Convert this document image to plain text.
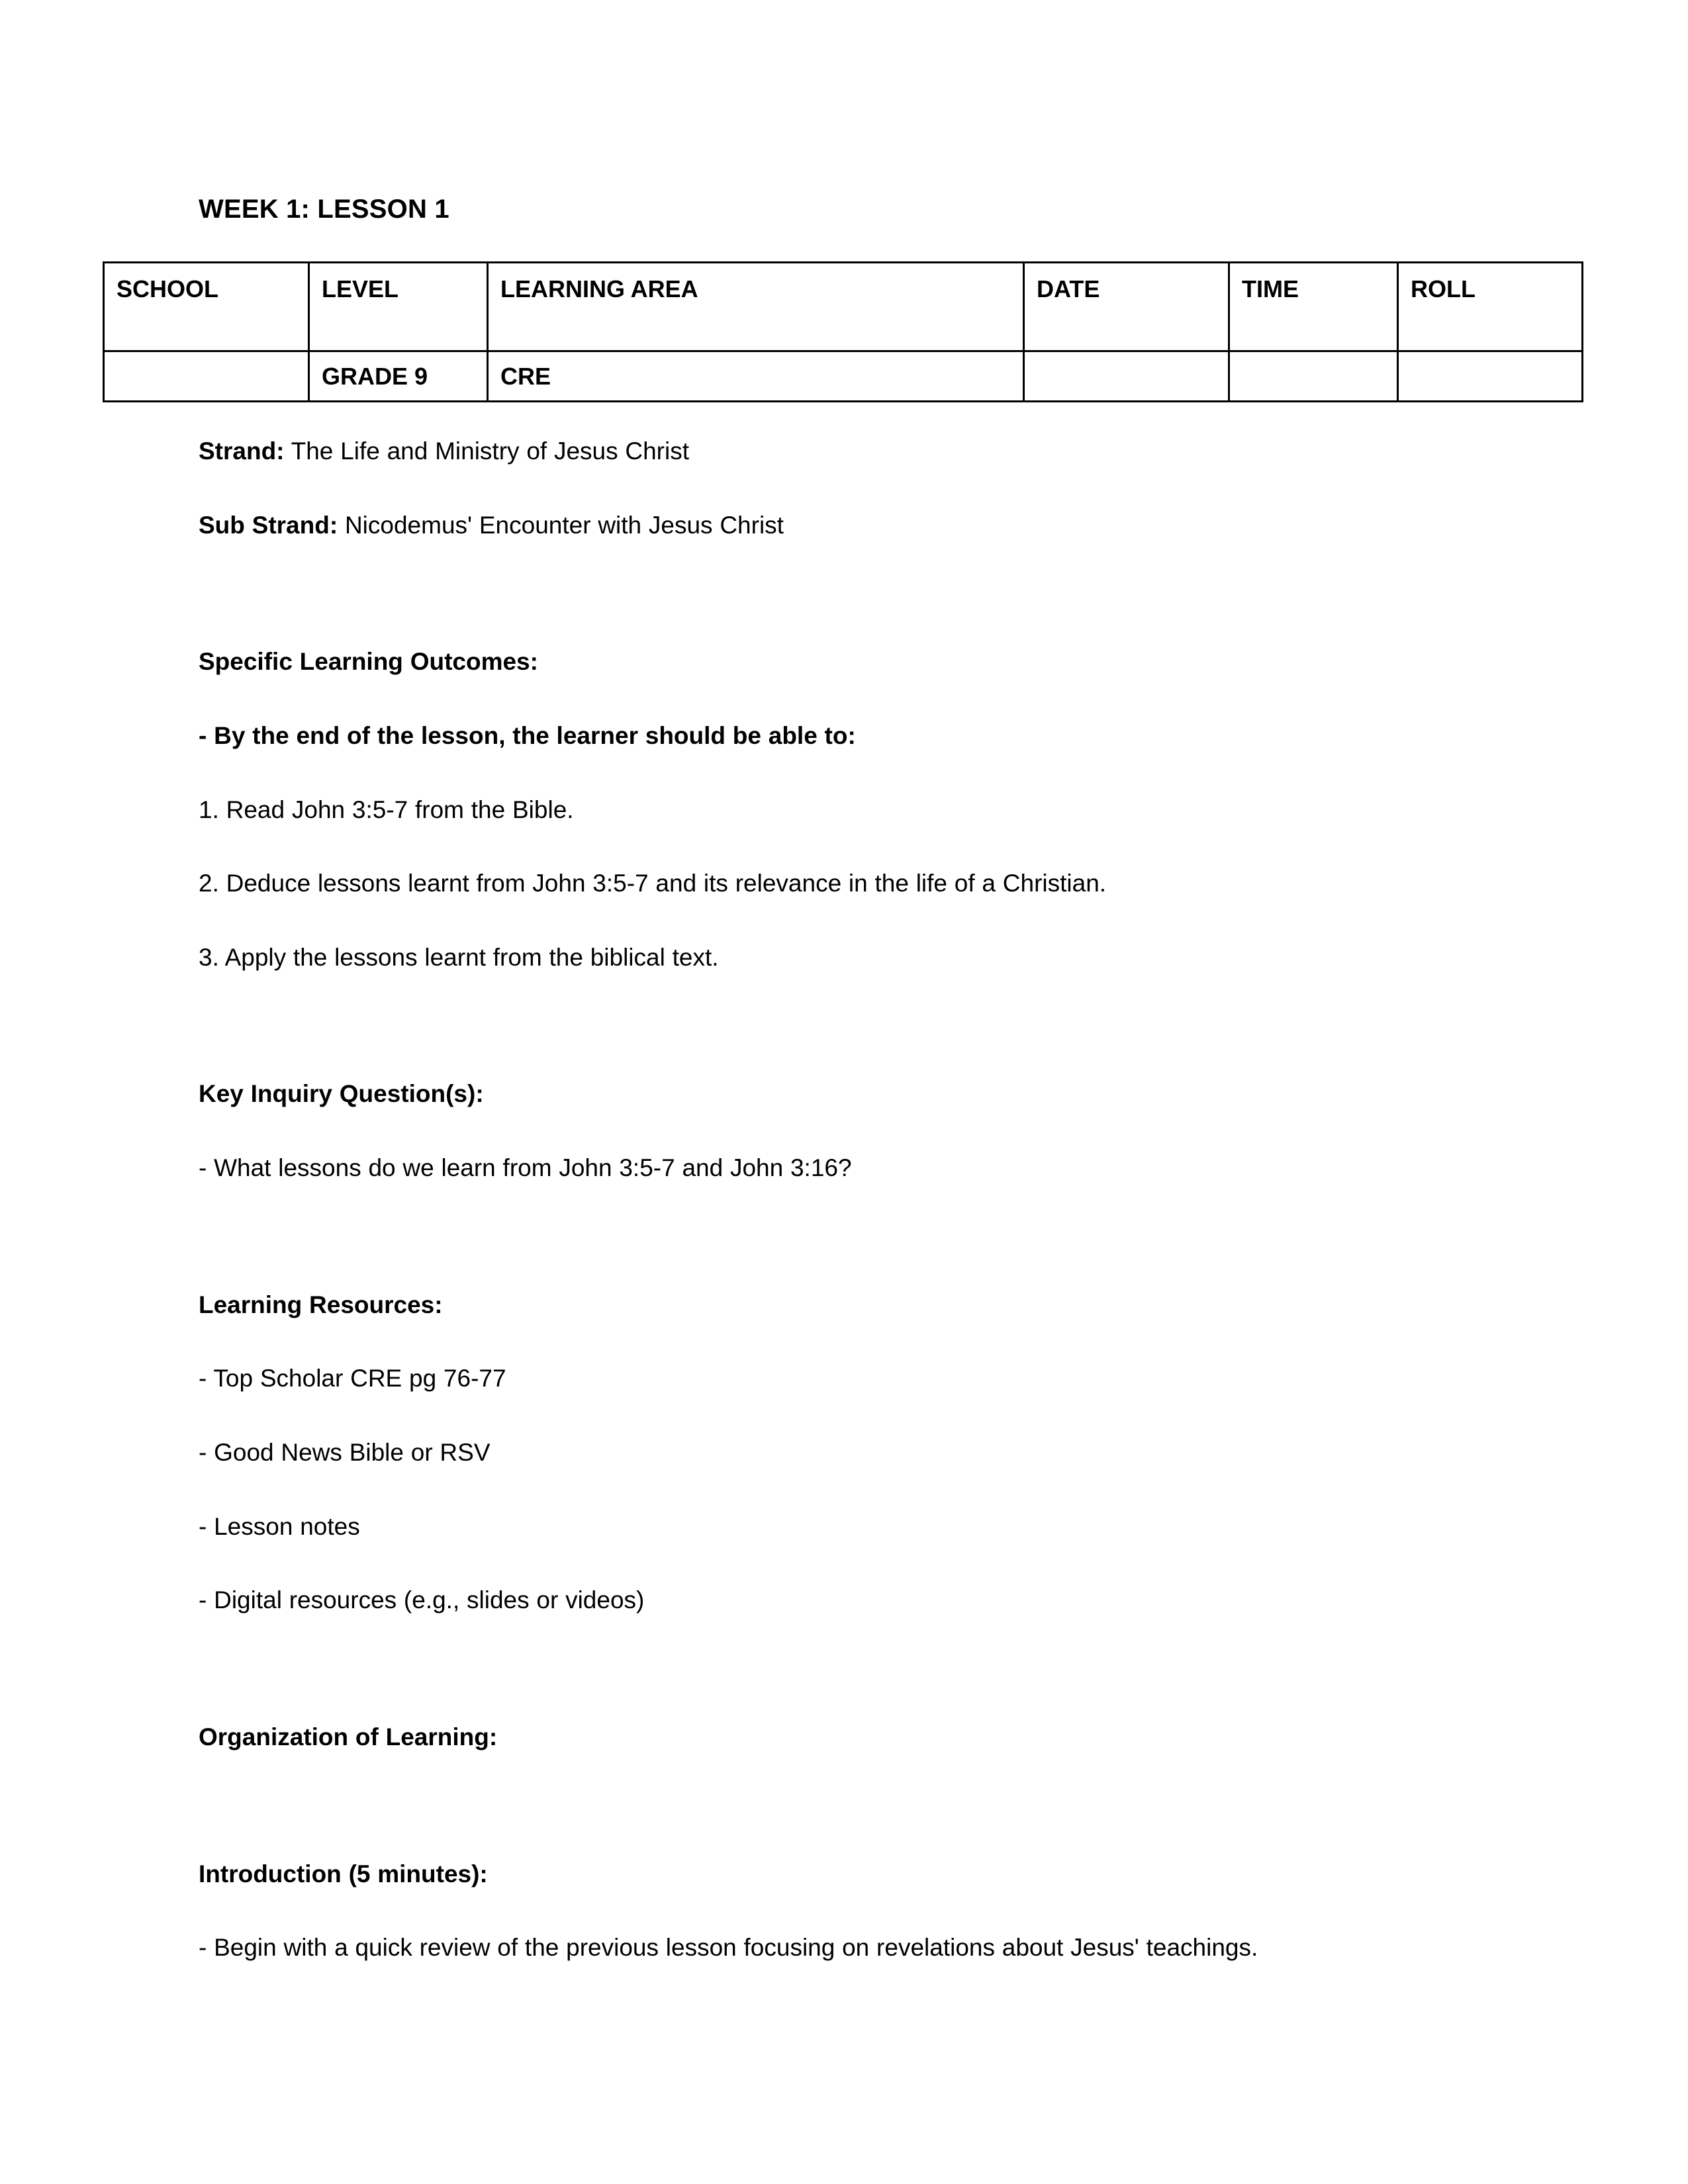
WEEK 1: LESSON 1
SCHOOL	LEVEL	LEARNING AREA	DATE	TIME	ROLL
	GRADE 9	CRE			

Strand: The Life and Ministry of Jesus Christ

Sub Strand: Nicodemus' Encounter with Jesus Christ

Specific Learning Outcomes:

- By the end of the lesson, the learner should be able to:

1. Read John 3:5-7 from the Bible.

2. Deduce lessons learnt from John 3:5-7 and its relevance in the life of a Christian.

3. Apply the lessons learnt from the biblical text.

Key Inquiry Question(s):

- What lessons do we learn from John 3:5-7 and John 3:16?

Learning Resources:

- Top Scholar CRE pg 76-77

- Good News Bible or RSV

- Lesson notes

- Digital resources (e.g., slides or videos)

Organization of Learning:

Introduction (5 minutes):

- Begin with a quick review of the previous lesson focusing on revelations about Jesus' teachings.
